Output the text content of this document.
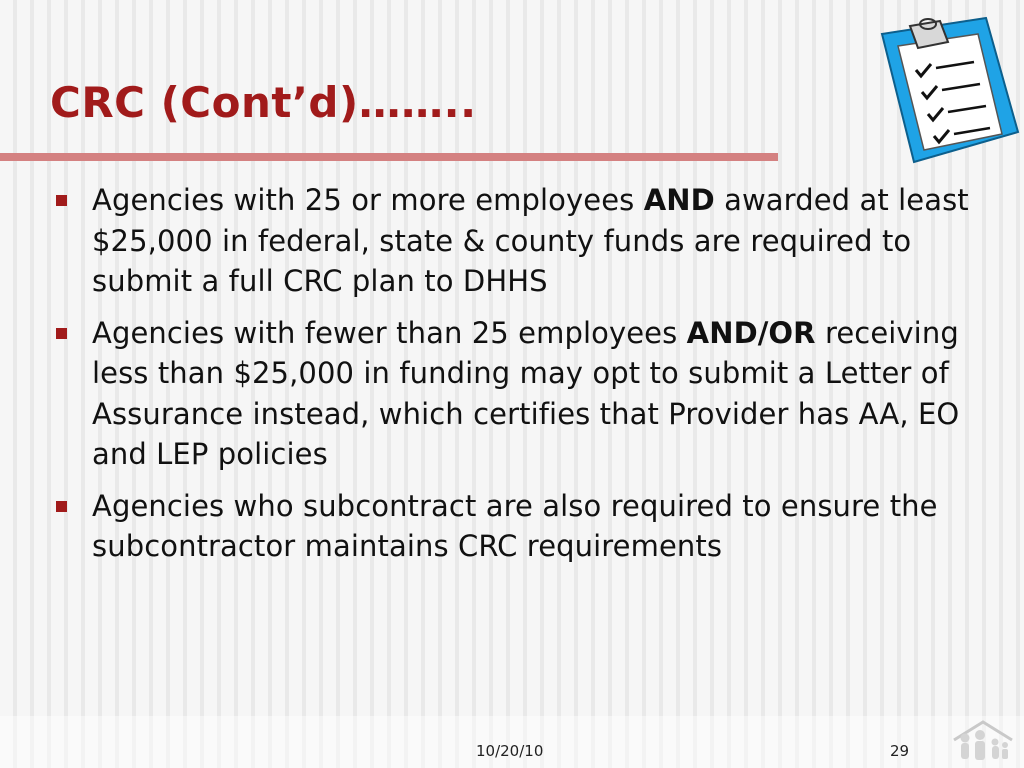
CRC (Cont’d)……..
Agencies with 25 or more employees AND awarded at least $25,000 in federal, state & county funds are required to submit a full CRC plan to DHHS
Agencies with fewer than 25 employees AND/OR receiving less than $25,000 in funding may opt to submit a Letter of Assurance instead, which certifies that Provider has AA, EO and LEP policies
Agencies who subcontract are also required to ensure the subcontractor maintains CRC requirements
10/20/10	29
